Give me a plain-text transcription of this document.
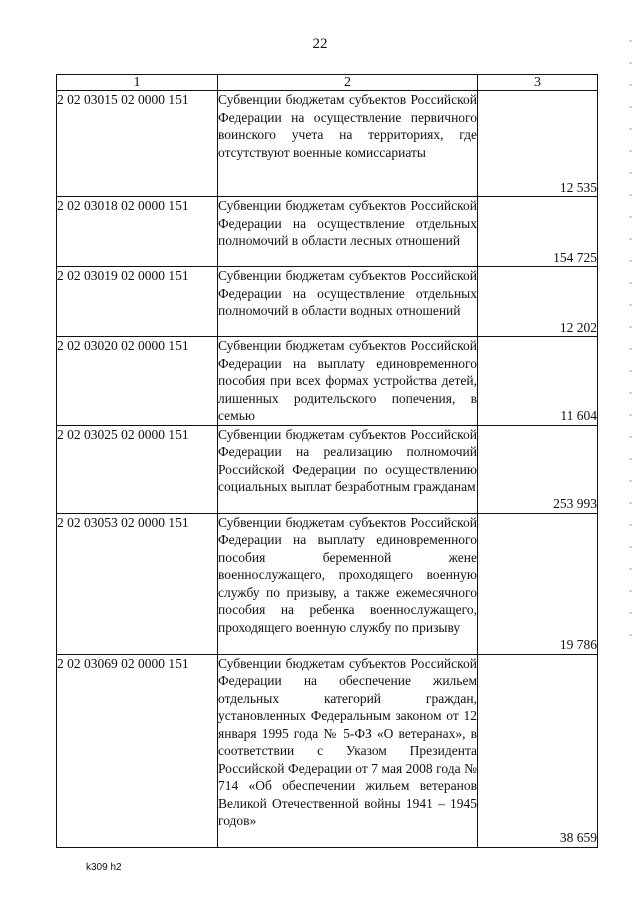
22
1	2	3
2 02 03015 02 0000 151	Субвенции бюджетам субъектов Российской Федерации на осуществление первичного воинского учета на территориях, где отсутствуют военные комиссариаты	12 535
2 02 03018 02 0000 151	Субвенции бюджетам субъектов Российской Федерации на осуществление отдельных полномочий в области лесных отношений	154 725
2 02 03019 02 0000 151	Субвенции бюджетам субъектов Российской Федерации на осуществление отдельных полномочий в области водных отношений	12 202
2 02 03020 02 0000 151	Субвенции бюджетам субъектов Российской Федерации на выплату единовременного пособия при всех формах устройства детей, лишенных родительского попечения, в семью	11 604
2 02 03025 02 0000 151	Субвенции бюджетам субъектов Российской Федерации на реализацию полномочий Российской Федерации по осуществлению социальных выплат безработным гражданам	253 993
2 02 03053 02 0000 151	Субвенции бюджетам субъектов Российской Федерации на выплату единовременного пособия беременной жене военнослужащего, проходящего военную службу по призыву, а также ежемесячного пособия на ребенка военнослужащего, проходящего военную службу по призыву	19 786
2 02 03069 02 0000 151	Субвенции бюджетам субъектов Российской Федерации на обеспечение жильем отдельных категорий граждан, установленных Федеральным законом от 12 января 1995 года № 5-ФЗ «О ветеранах», в соответствии с Указом Президента Российской Федерации от 7 мая 2008 года № 714 «Об обеспечении жильем ветеранов Великой Отечественной войны 1941 – 1945 годов»	38 659
k309 h2
